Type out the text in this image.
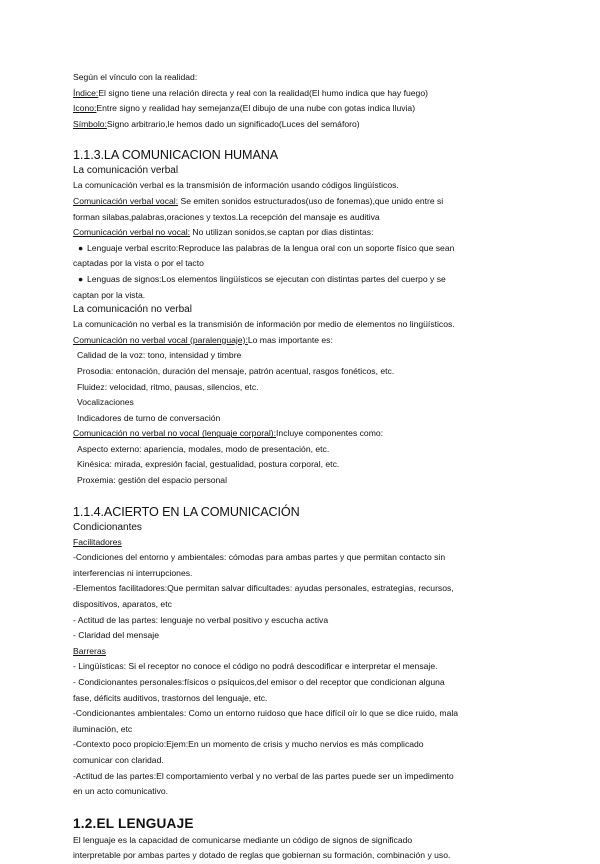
Según el vínculo con la realidad:

Índice:El signo tiene una relación directa y real con la realidad(El humo indica que hay fuego)

Icono:Entre signo y realidad hay semejanza(El dibujo de una nube con gotas indica lluvia)

Símbolo:Signo arbitrario,le hemos dado un significado(Luces del semáforo)

1.1.3.LA COMUNICACION HUMANA

La comunicación verbal

La comunicación verbal es la transmisión de información usando códigos lingüísticos.

Comunicación verbal vocal: Se emiten sonidos estructurados(uso de fonemas),que unido entre si

forman silabas,palabras,oraciones y textos.La recepción del mansaje es auditiva

Comunicación verbal no vocal: No utilizan sonidos,se captan por dias distintas:

● Lenguaje verbal escrito:Reproduce las palabras de la lengua oral con un soporte físico que sean

captadas por la vista o por el tacto

● Lenguas de signos:Los elementos lingüísticos se ejecutan con distintas partes del cuerpo y se

captan por la vista.

La comunicación no verbal

La comunicación no verbal es la transmisión de información por medio de elementos no lingüísticos.

Comunicación no verbal vocal (paralenguaje):Lo mas importante es:

Calidad de la voz: tono, intensidad y timbre

Prosodia: entonación, duración del mensaje, patrón acentual, rasgos fonéticos, etc.

Fluidez: velocidad, ritmo, pausas, silencios, etc.

Vocalizaciones

Indicadores de turno de conversación

Comunicación no verbal no vocal (lenguaje corporal):Incluye componentes como:

Aspecto externo: apariencia, modales, modo de presentación, etc.

Kinésica: mirada, expresión facial, gestualidad, postura corporal, etc.

Proxemia: gestión del espacio personal

1.1.4.ACIERTO EN LA COMUNICACIÓN

Condicionantes

Facilitadores

-Condiciones del entorno y ambientales: cómodas para ambas partes y que permitan contacto sin

interferencias ni interrupciones.

-Elementos facilitadores:Que permitan salvar dificultades: ayudas personales, estrategias, recursos,

dispositivos, aparatos, etc

- Actitud de las partes: lenguaje no verbal positivo y escucha activa

- Claridad del mensaje

Barreras

- Lingüísticas: Si el receptor no conoce el código no podrá descodificar e interpretar el mensaje.

- Condicionantes personales:físicos o psíquicos,del emisor o del receptor que condicionan alguna

fase, déficits auditivos, trastornos del lenguaje, etc.

-Condicionantes ambientales: Como un entorno ruidoso que hace difícil oír lo que se dice ruido, mala

iluminación, etc

-Contexto poco propicio:Ejem:En un momento de crisis y mucho nervios es más complicado

comunicar con claridad.

-Actitud de las partes:El comportamiento verbal y no verbal de las partes puede ser un impedimento

en un acto comunicativo.

1.2.EL LENGUAJE

El lenguaje es la capacidad de comunicarse mediante un código de signos de significado

interpretable por ambas partes y dotado de reglas que gobiernan su formación, combinación y uso.
